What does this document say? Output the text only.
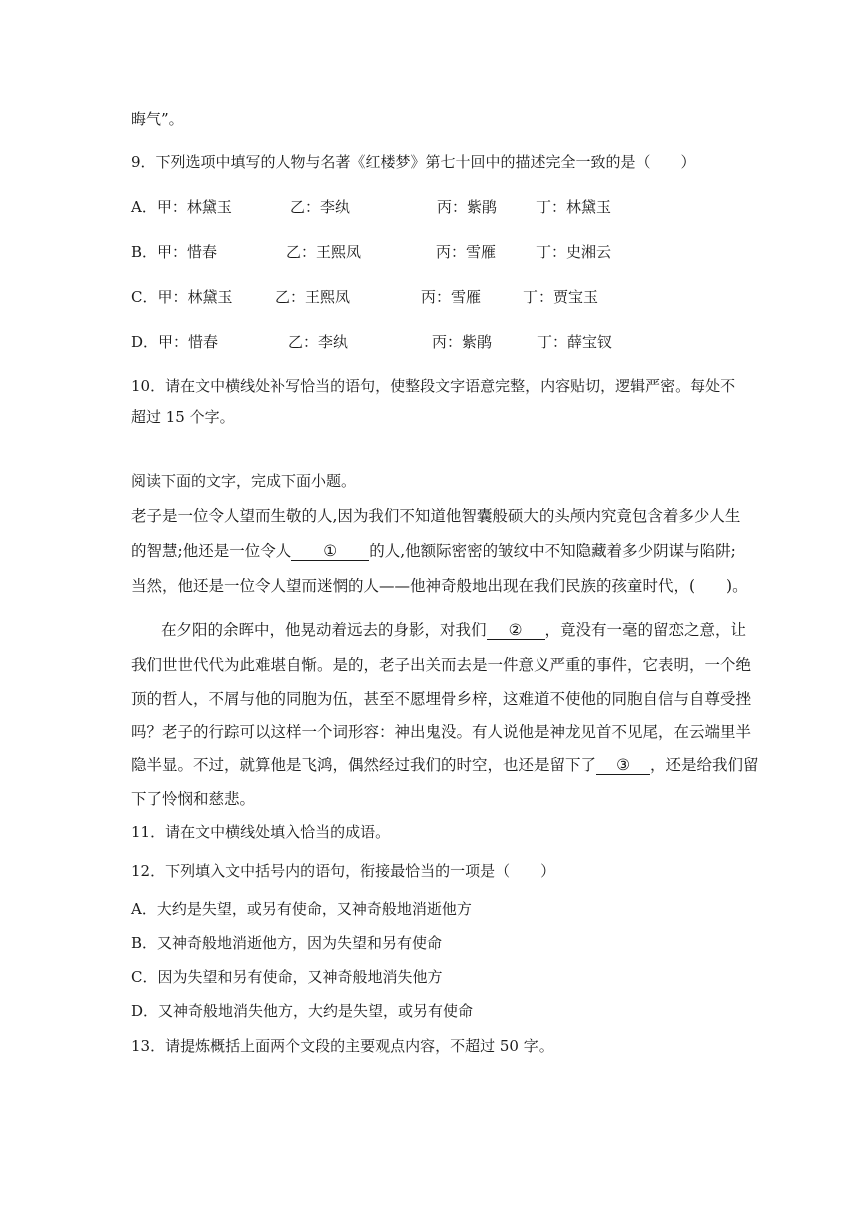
晦气”。
9．下列选项中填写的人物与名著《红楼梦》第七十回中的描述完全一致的是（　　）
A．甲：林黛玉	乙：李纨	丙：紫鹃	丁：林黛玉
B．甲：惜春	乙：王熙凤	丙：雪雁	丁：史湘云
C．甲：林黛玉	乙：王熙凤	丙：雪雁	丁：贾宝玉
D．甲：惜春	乙：李纨	丙：紫鹃	丁：薛宝钗
10．请在文中横线处补写恰当的语句，使整段文字语意完整，内容贴切，逻辑严密。每处不
超过 15 个字。
阅读下面的文字，完成下面小题。
老子是一位令人望而生敬的人,因为我们不知道他智囊般硕大的头颅内究竟包含着多少人生
的智慧;他还是一位令人 ① 的人,他额际密密的皱纹中不知隐藏着多少阴谋与陷阱;
当然，他还是一位令人望而迷惘的人——他神奇般地出现在我们民族的孩童时代，(　　)。
在夕阳的余晖中，他晃动着远去的身影，对我们 ② ，竟没有一毫的留恋之意，让
我们世世代代为此难堪自惭。是的，老子出关而去是一件意义严重的事件，它表明，一个绝
顶的哲人，不屑与他的同胞为伍，甚至不愿埋骨乡梓，这难道不使他的同胞自信与自尊受挫
吗？老子的行踪可以这样一个词形容：神出鬼没。有人说他是神龙见首不见尾，在云端里半
隐半显。不过，就算他是飞鸿，偶然经过我们的时空，也还是留下了 ③ ，还是给我们留
下了怜悯和慈悲。
11．请在文中横线处填入恰当的成语。
12．下列填入文中括号内的语句，衔接最恰当的一项是（　　）
A．大约是失望，或另有使命，又神奇般地消逝他方
B．又神奇般地消逝他方，因为失望和另有使命
C．因为失望和另有使命，又神奇般地消失他方
D．又神奇般地消失他方，大约是失望，或另有使命
13．请提炼概括上面两个文段的主要观点内容，不超过 50 字。
